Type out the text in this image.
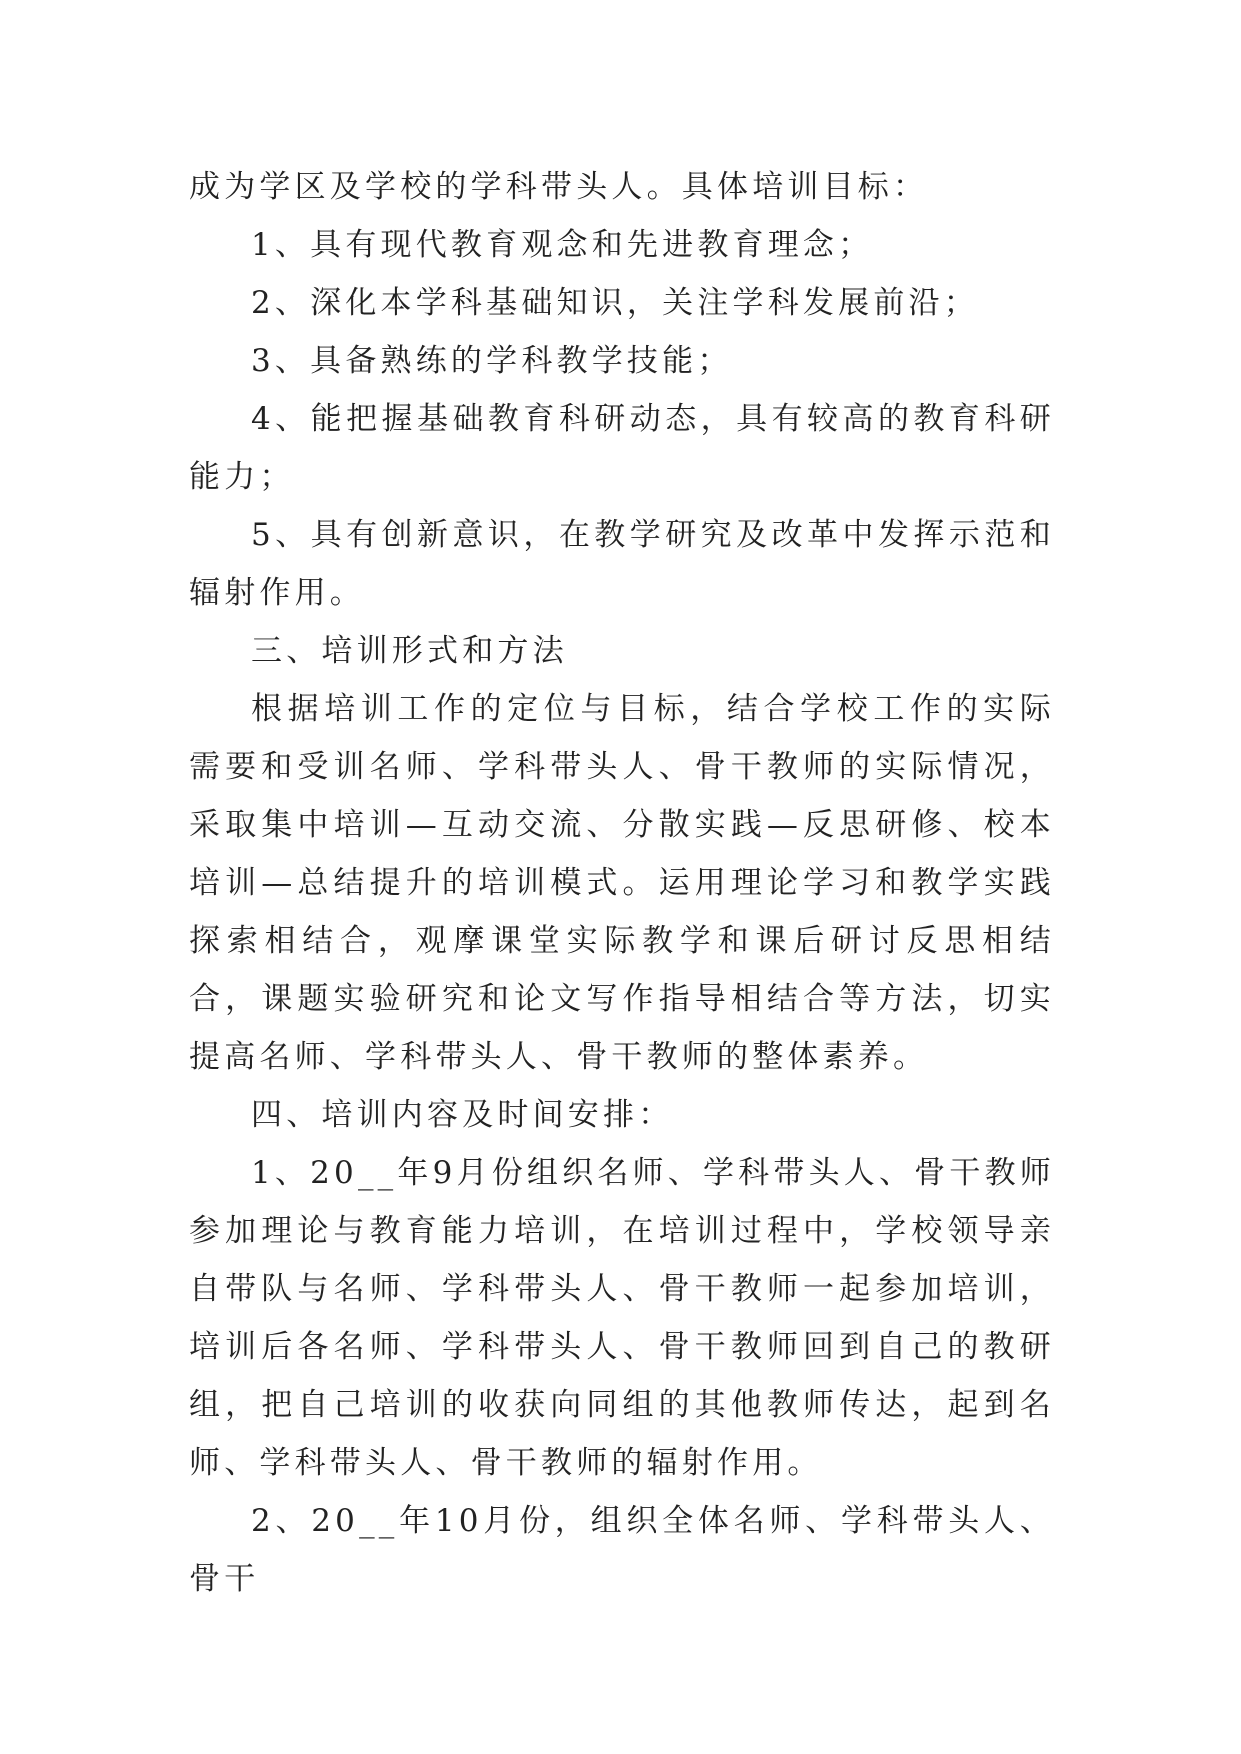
成为学区及学校的学科带头人。具体培训目标：

1、具有现代教育观念和先进教育理念；

2、深化本学科基础知识，关注学科发展前沿；

3、具备熟练的学科教学技能；

4、能把握基础教育科研动态，具有较高的教育科研能力；

5、具有创新意识，在教学研究及改革中发挥示范和辐射作用。

三、培训形式和方法

根据培训工作的定位与目标，结合学校工作的实际需要和受训名师、学科带头人、骨干教师的实际情况，采取集中培训—互动交流、分散实践—反思研修、校本培训—总结提升的培训模式。运用理论学习和教学实践探索相结合，观摩课堂实际教学和课后研讨反思相结合，课题实验研究和论文写作指导相结合等方法，切实提高名师、学科带头人、骨干教师的整体素养。

四、培训内容及时间安排：

1、20__年9月份组织名师、学科带头人、骨干教师参加理论与教育能力培训，在培训过程中，学校领导亲自带队与名师、学科带头人、骨干教师一起参加培训，培训后各名师、学科带头人、骨干教师回到自己的教研组，把自己培训的收获向同组的其他教师传达，起到名师、学科带头人、骨干教师的辐射作用。

2、20__年10月份，组织全体名师、学科带头人、骨干
